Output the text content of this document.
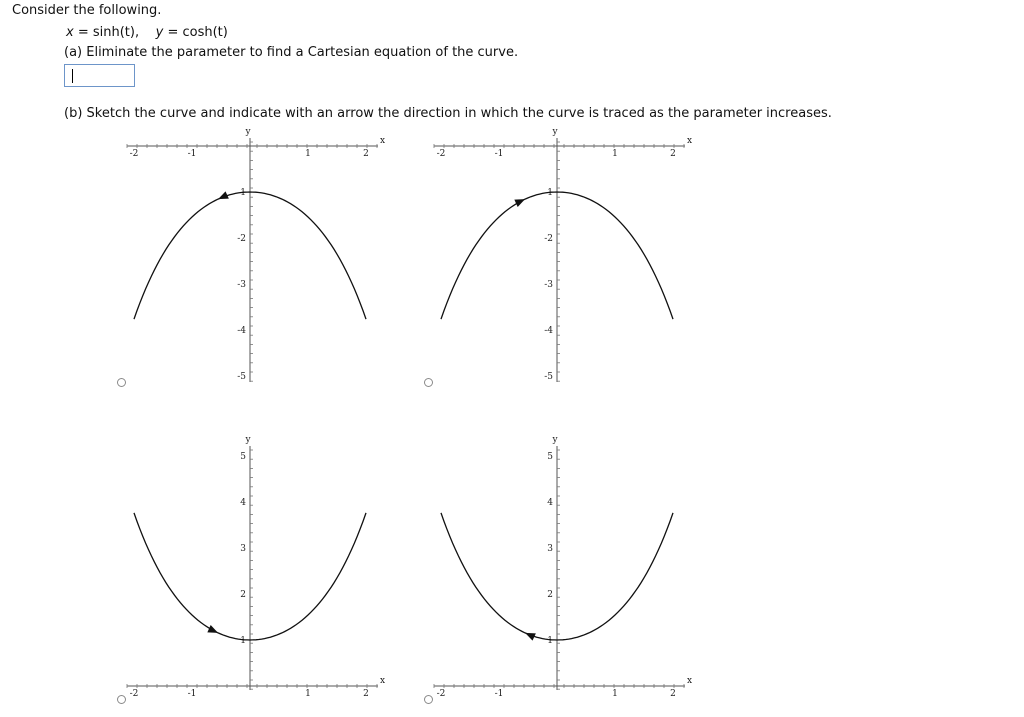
Consider the following.
x = sinh(t), y = cosh(t)
(a) Eliminate the parameter to find a Cartesian equation of the curve.
(b) Sketch the curve and indicate with an arrow the direction in which the curve is traced as the parameter increases.
-2	-1	1	2
x
y
1
-2
-3
-4
-5
-2	-1	1	2
x
y
1
-2
-3
-4
-5
-2	-1	1	2
x
y
5
4
3
2
1
-2	-1	1	2
x
y
5
4
3
2
1
